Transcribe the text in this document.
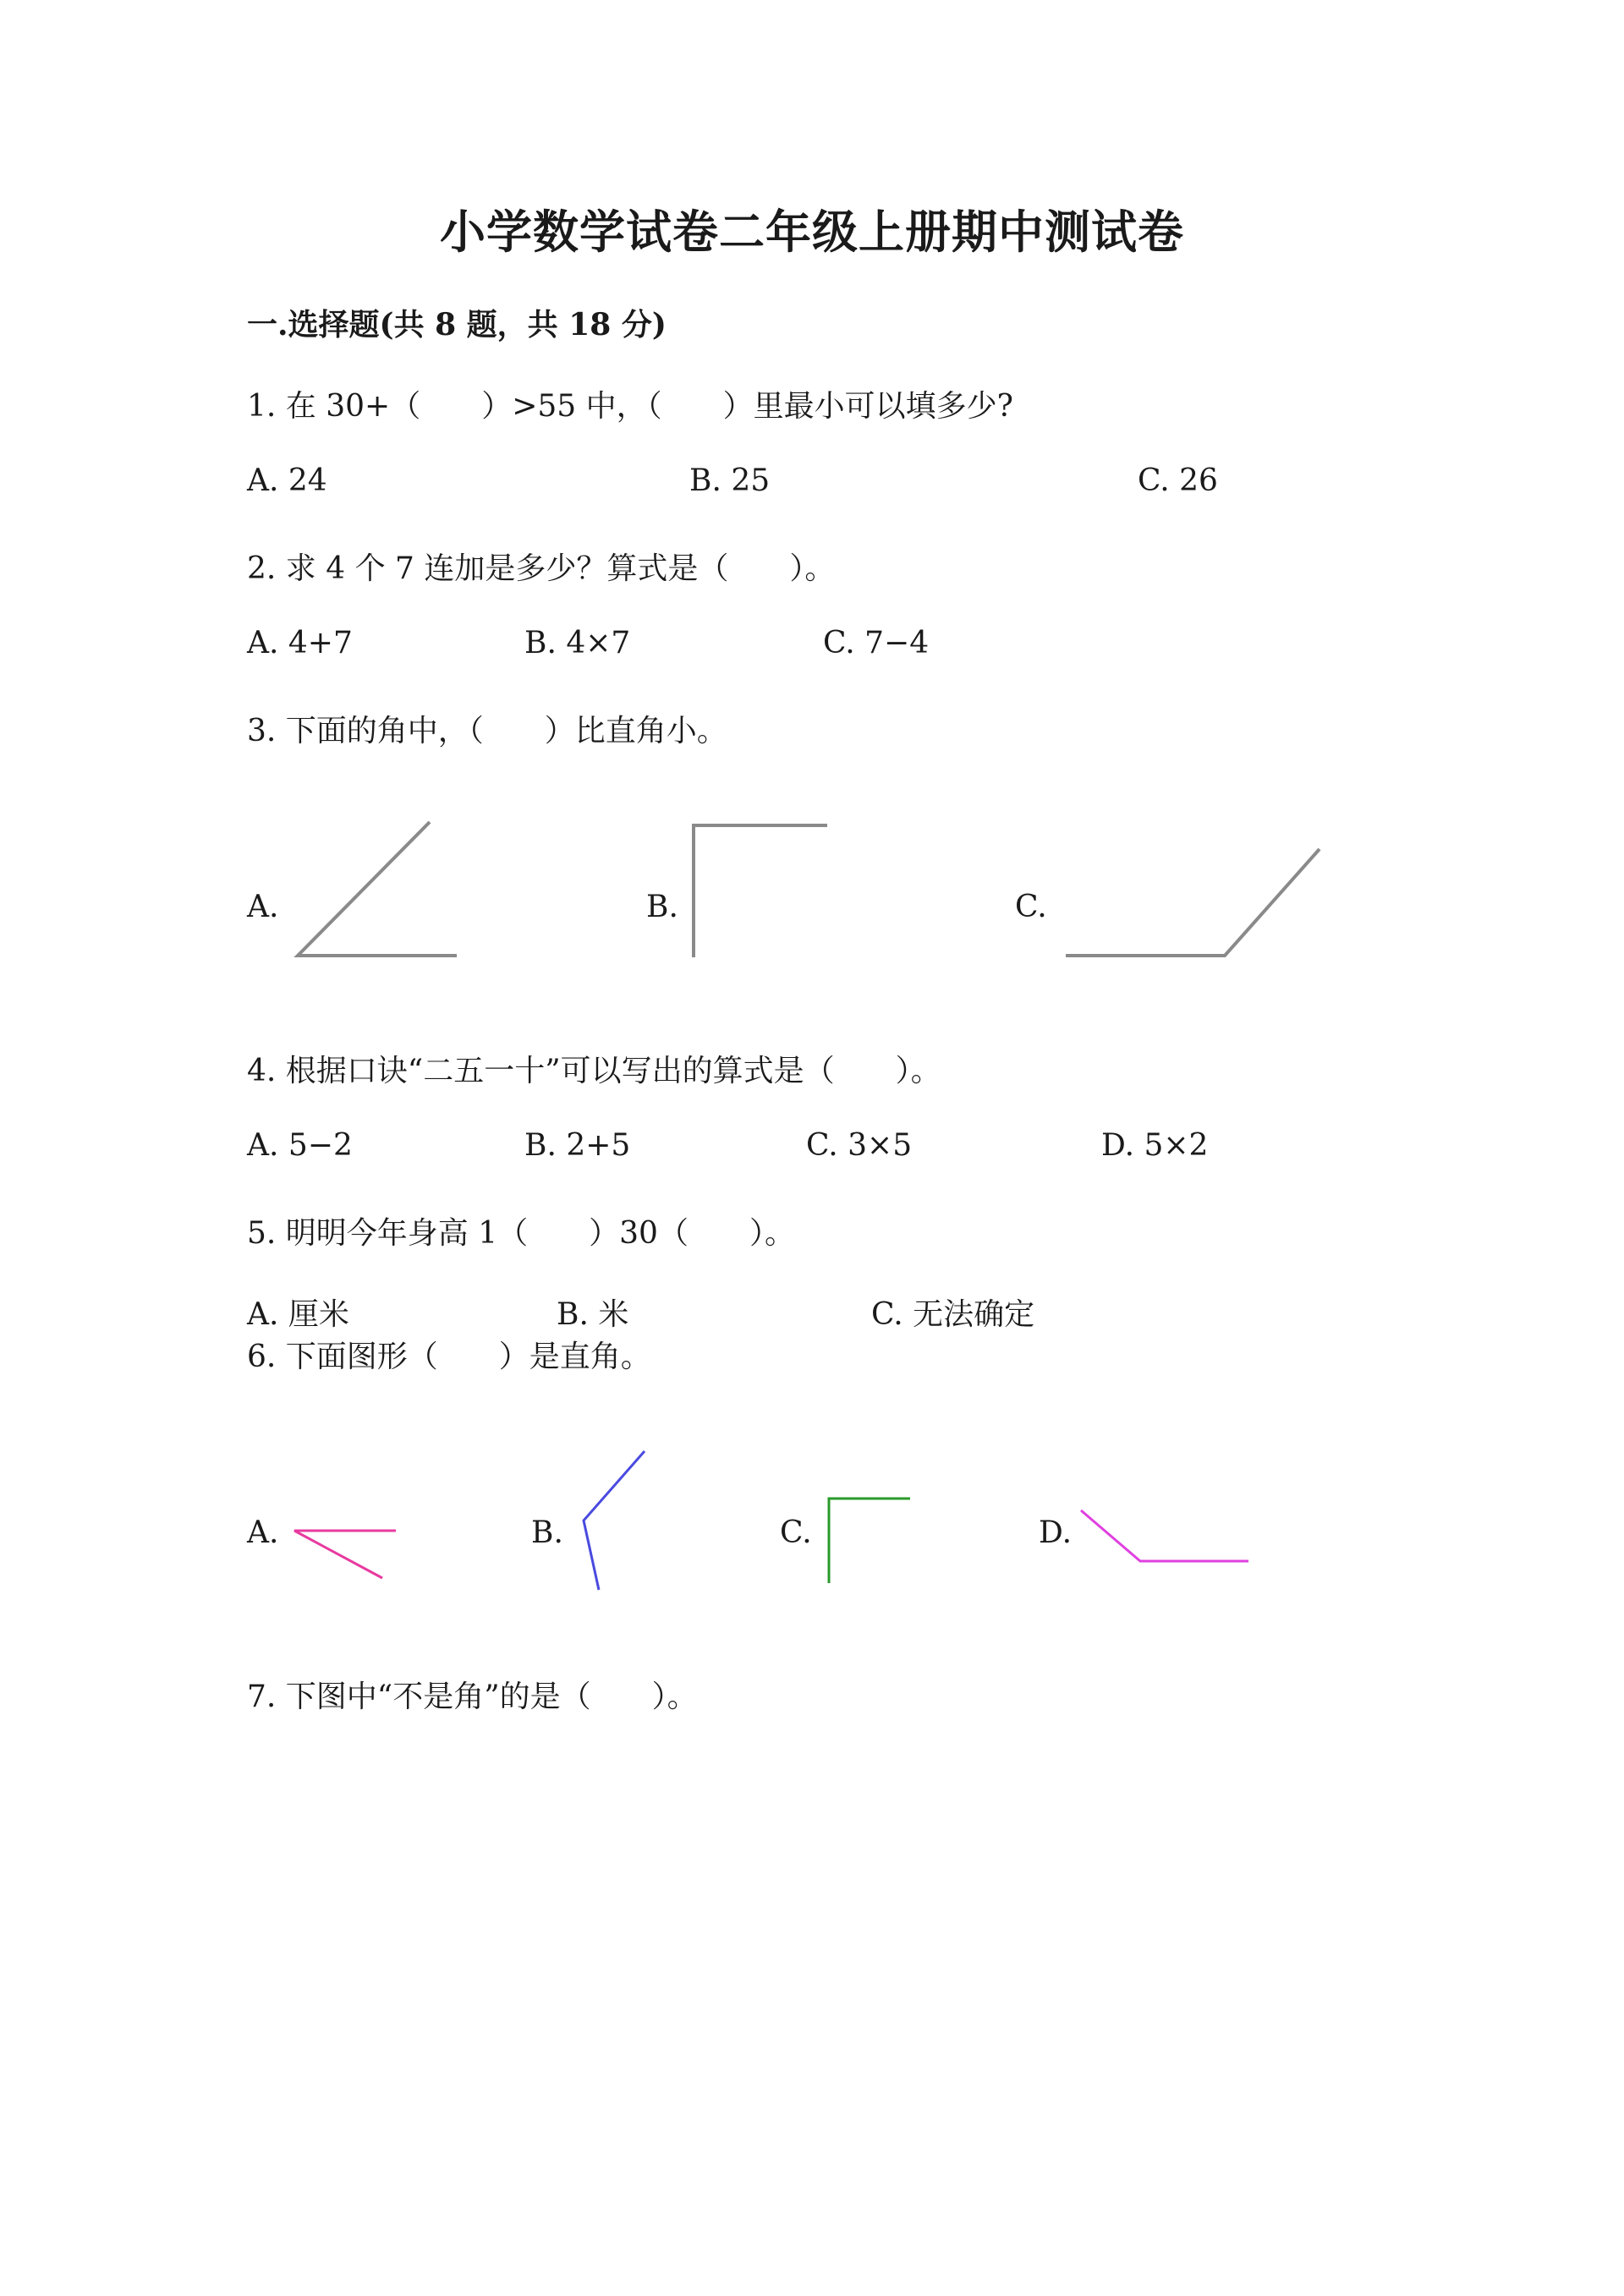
小学数学试卷二年级上册期中测试卷
一.选择题(共 8 题，共 18 分)
1. 在 30+（　　）>55 中，（　　）里最小可以填多少?
A. 24	B. 25	C. 26
2. 求 4 个 7 连加是多少？算式是（　　）。
A. 4+7	B. 4×7	C. 7−4
3. 下面的角中，（　　）比直角小。
A.	B.	C.
4. 根据口诀“二五一十”可以写出的算式是（　　）。
A. 5−2	B. 2+5	C. 3×5	D. 5×2
5. 明明今年身高 1（　　）30（　　）。
A. 厘米	B. 米	C. 无法确定
6. 下面图形（　　）是直角。
A.	B.	C.	D.
7. 下图中“不是角”的是（　　）。
